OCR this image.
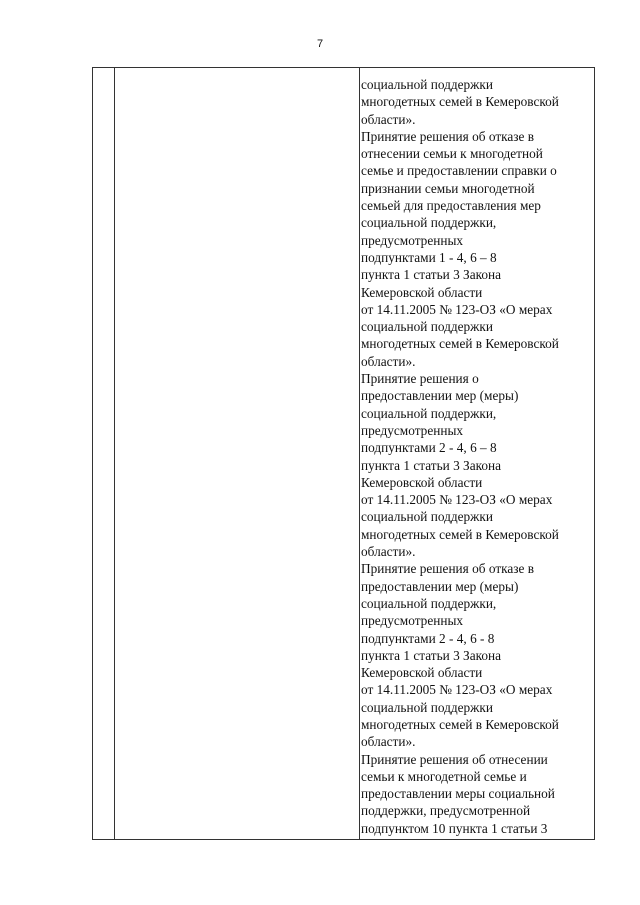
7
социальной поддержки
многодетных семей в Кемеровской
области».
Принятие решения об отказе в
отнесении семьи к многодетной
семье и предоставлении справки о
признании семьи многодетной
семьей для предоставления мер
социальной поддержки,
предусмотренных
подпунктами 1 - 4, 6 – 8
пункта 1 статьи 3 Закона
Кемеровской области
от 14.11.2005 № 123-ОЗ «О мерах
социальной поддержки
многодетных семей в Кемеровской
области».
Принятие решения о
предоставлении мер (меры)
социальной поддержки,
предусмотренных
подпунктами 2 - 4, 6 – 8
пункта 1 статьи 3 Закона
Кемеровской области
от 14.11.2005 № 123-ОЗ «О мерах
социальной поддержки
многодетных семей в Кемеровской
области».
Принятие решения об отказе в
предоставлении мер (меры)
социальной поддержки,
предусмотренных
подпунктами 2 - 4, 6 - 8
пункта 1 статьи 3 Закона
Кемеровской области
от 14.11.2005 № 123-ОЗ «О мерах
социальной поддержки
многодетных семей в Кемеровской
области».
Принятие решения об отнесении
семьи к многодетной семье и
предоставлении меры социальной
поддержки, предусмотренной
подпунктом 10 пункта 1 статьи 3
